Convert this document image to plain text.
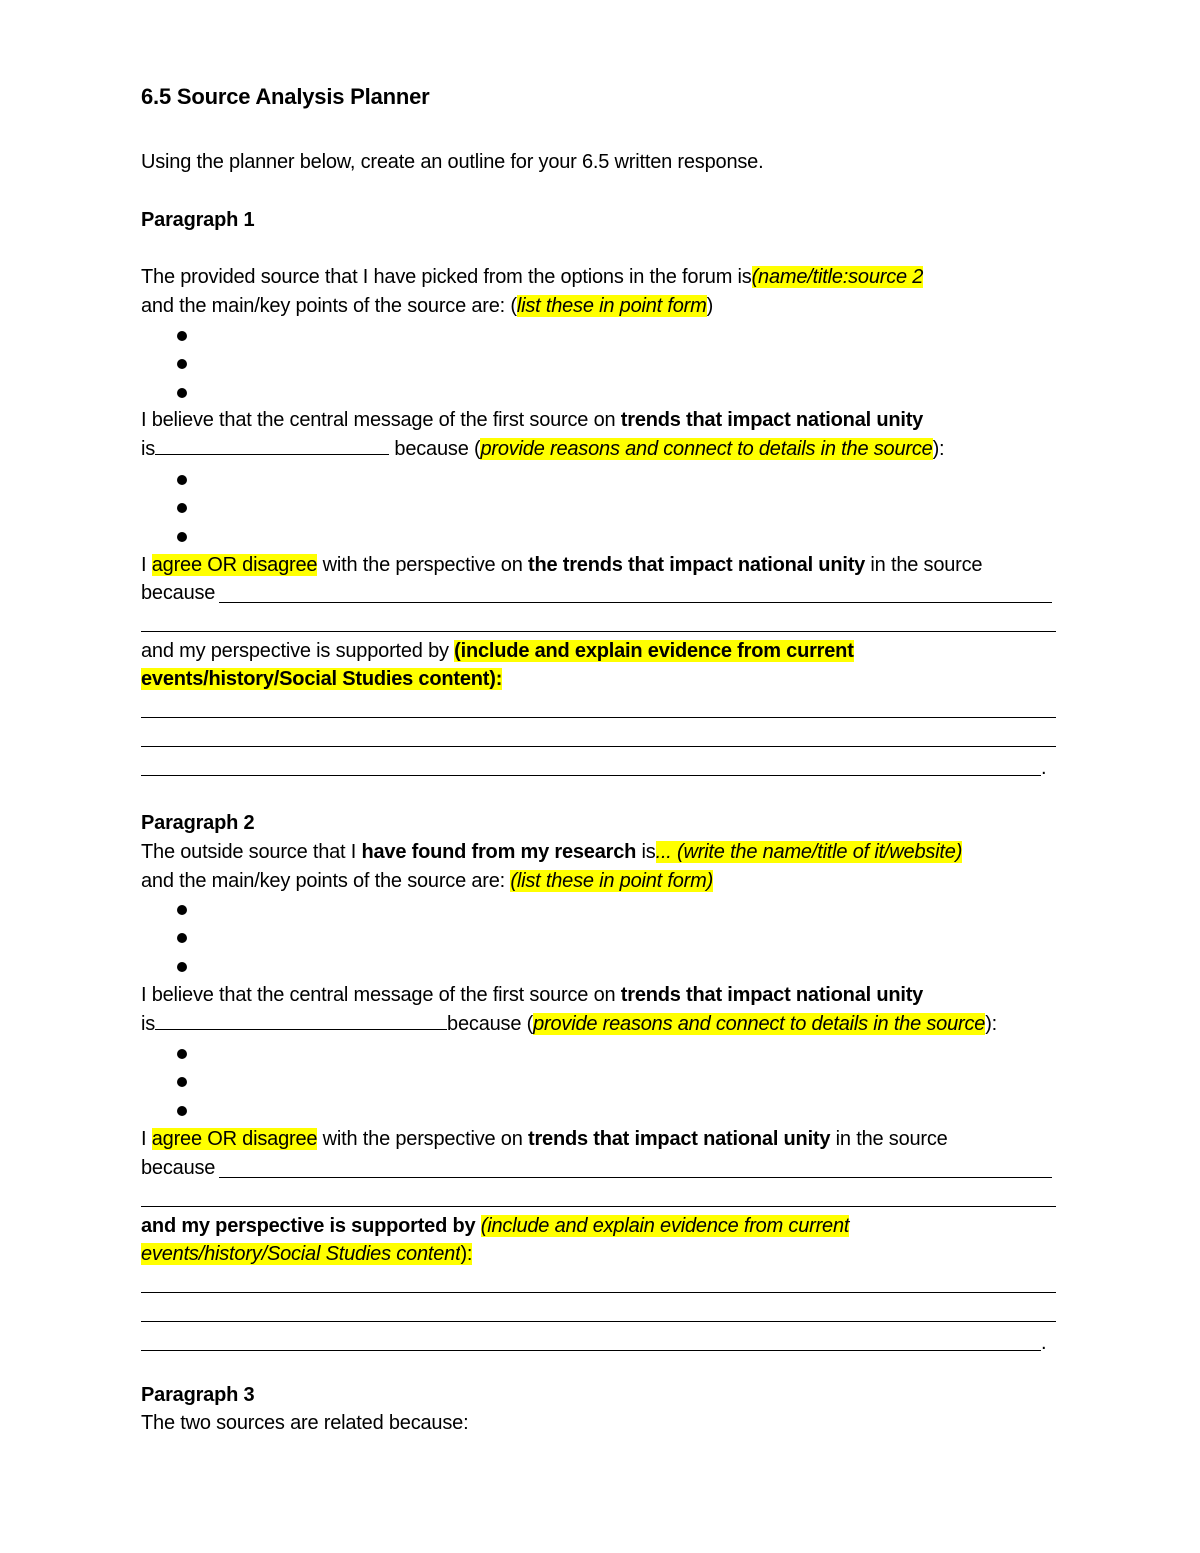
6.5 Source Analysis Planner
Using the planner below, create an outline for your 6.5 written response.
Paragraph 1
The provided source that I have picked from the options in the forum is(name/title:source 2
and the main/key points of the source are: (list these in point form)
I believe that the central message of the first source on trends that impact national unity
is	because (provide reasons and connect to details in the source):
I agree OR disagree with the perspective on the trends that impact national unity in the source
because
and my perspective is supported by (include and explain evidence from current
events/history/Social Studies content):
.
Paragraph 2
The outside source that I have found from my research is... (write the name/title of it/website)
and the main/key points of the source are: (list these in point form)
I believe that the central message of the first source on trends that impact national unity
is	because (provide reasons and connect to details in the source):
I agree OR disagree with the perspective on trends that impact national unity in the source
because
and my perspective is supported by (include and explain evidence from current
events/history/Social Studies content):
.
Paragraph 3
The two sources are related because:
